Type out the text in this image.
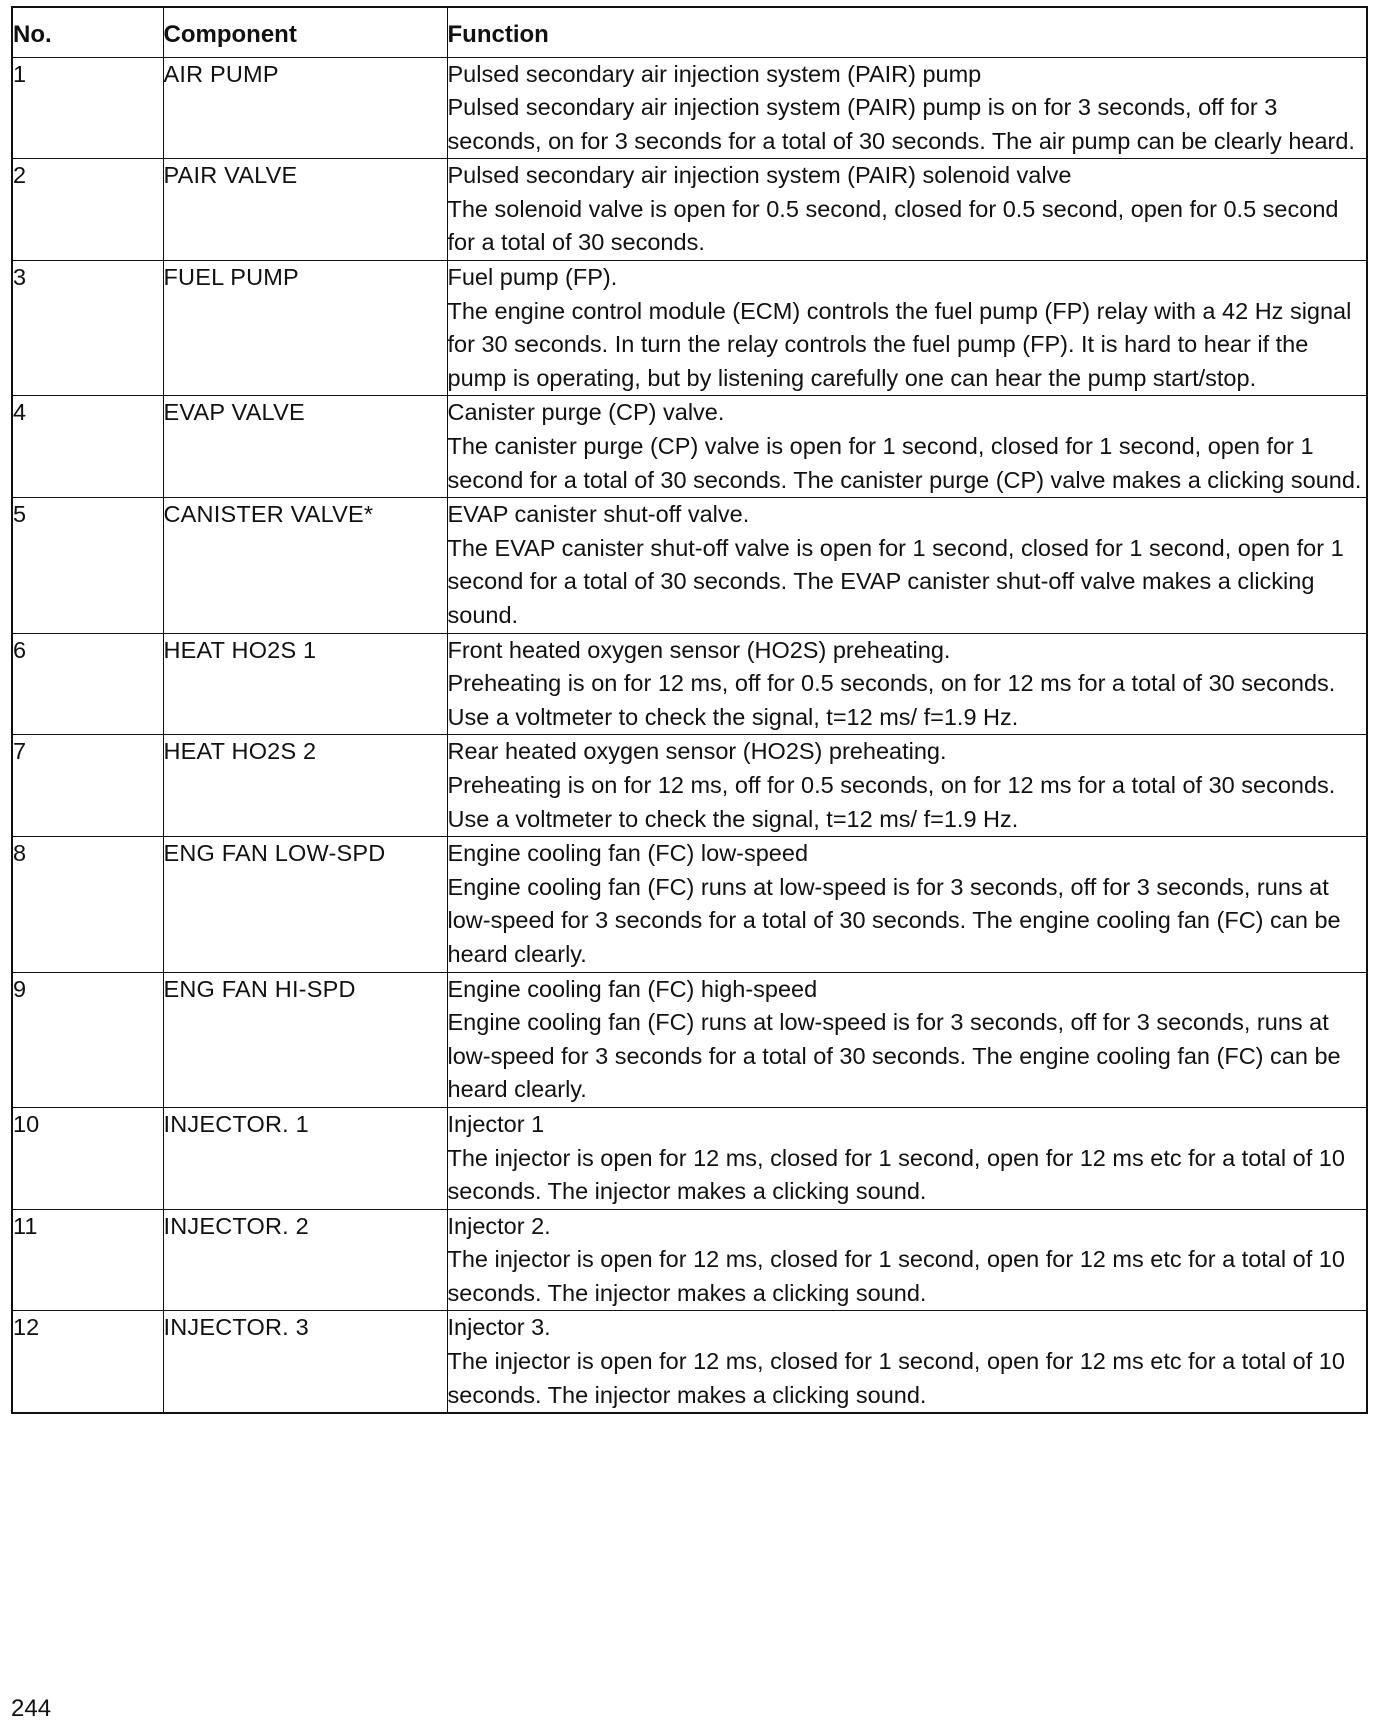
No.	Component	Function
1	AIR PUMP	Pulsed secondary air injection system (PAIR) pump
Pulsed secondary air injection system (PAIR) pump is on for 3 seconds, off for 3 seconds, on for 3 seconds for a total of 30 seconds. The air pump can be clearly heard.

2	PAIR VALVE	Pulsed secondary air injection system (PAIR) solenoid valve
The solenoid valve is open for 0.5 second, closed for 0.5 second, open for 0.5 second for a total of 30 seconds.

3	FUEL PUMP	Fuel pump (FP).
The engine control module (ECM) controls the fuel pump (FP) relay with a 42 Hz signal for 30 seconds. In turn the relay controls the fuel pump (FP). It is hard to hear if the pump is operating, but by listening carefully one can hear the pump start/stop.

4	EVAP VALVE	Canister purge (CP) valve.
The canister purge (CP) valve is open for 1 second, closed for 1 second, open for 1 second for a total of 30 seconds. The canister purge (CP) valve makes a clicking sound.

5	CANISTER VALVE*	EVAP canister shut-off valve.
The EVAP canister shut-off valve is open for 1 second, closed for 1 second, open for 1 second for a total of 30 seconds. The EVAP canister shut-off valve makes a clicking sound.

6	HEAT HO2S 1	Front heated oxygen sensor (HO2S) preheating.
Preheating is on for 12 ms, off for 0.5 seconds, on for 12 ms for a total of 30 seconds. Use a voltmeter to check the signal, t=12 ms/ f=1.9 Hz.

7	HEAT HO2S 2	Rear heated oxygen sensor (HO2S) preheating.
Preheating is on for 12 ms, off for 0.5 seconds, on for 12 ms for a total of 30 seconds. Use a voltmeter to check the signal, t=12 ms/ f=1.9 Hz.

8	ENG FAN LOW-SPD	Engine cooling fan (FC) low-speed
Engine cooling fan (FC) runs at low-speed is for 3 seconds, off for 3 seconds, runs at low-speed for 3 seconds for a total of 30 seconds. The engine cooling fan (FC) can be heard clearly.

9	ENG FAN HI-SPD	Engine cooling fan (FC) high-speed
Engine cooling fan (FC) runs at low-speed is for 3 seconds, off for 3 seconds, runs at low-speed for 3 seconds for a total of 30 seconds. The engine cooling fan (FC) can be heard clearly.

10	INJECTOR. 1	Injector 1
The injector is open for 12 ms, closed for 1 second, open for 12 ms etc for a total of 10 seconds. The injector makes a clicking sound.

11	INJECTOR. 2	Injector 2.
The injector is open for 12 ms, closed for 1 second, open for 12 ms etc for a total of 10 seconds. The injector makes a clicking sound.

12	INJECTOR. 3	Injector 3.
The injector is open for 12 ms, closed for 1 second, open for 12 ms etc for a total of 10 seconds. The injector makes a clicking sound.
244
